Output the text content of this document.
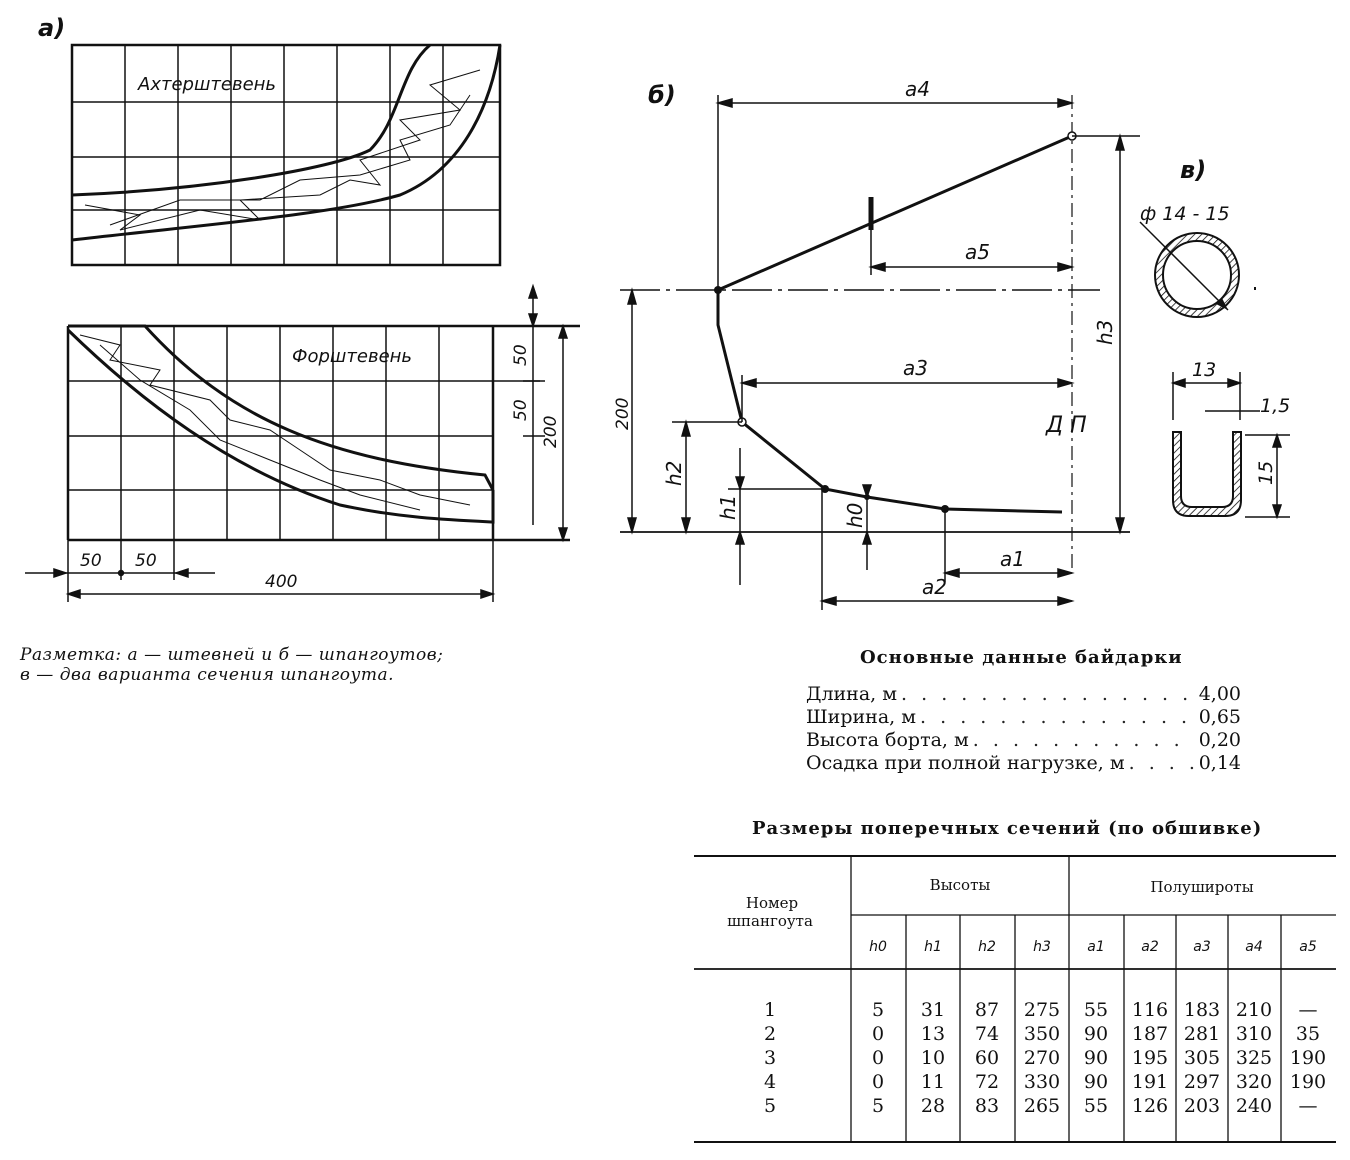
а)
Ахтерштевень
Форштевень	50
50
200
50 50
400
б)	a4
a5
a3
a1
a2
h3
200
h2
h1	h0
Д П
в)
ф 14 - 15
13
1,5
15
Разметка: а — штевней и б — шпангоутов;
в — два варианта сечения шпангоута.
Основные данные байдарки
Длина, м . . .	4,00
Ширина, м . . .	0,65
Высота борта, м . . .	0,20
Осадка при полной нагрузке, м . . .	0,14
Размеры поперечных сечений (по обшивке)
Номер
шпангоута
Высоты	Полушироты
h0	h1	h2	h3	a1	a2 a3 a4	a5
1	5 31 87 275 55 116 183 210 —
2	0 13 74 350 90 187 281 310 35
3	0 10 60 270 90 195 305 325 190
4	0 11 72 330 90 191 297 320 190
5	5 28 83 265 55 126 203 240 —
